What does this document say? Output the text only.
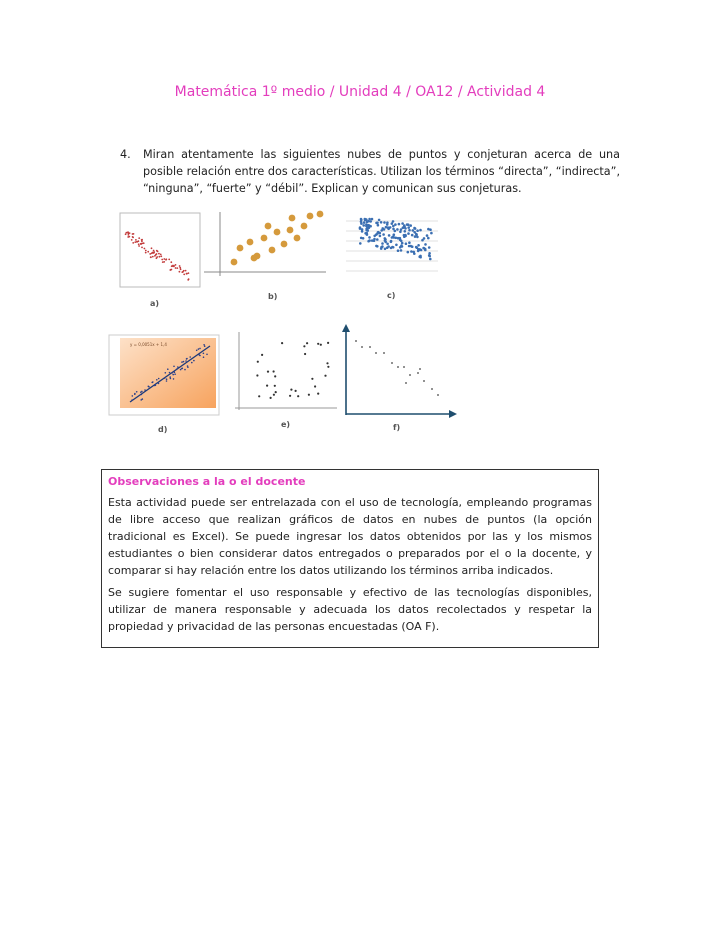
Matemática 1º medio / Unidad 4 / OA12 / Actividad 4
4. Miran atentamente las siguientes nubes de puntos y conjeturan acerca de una posible relación entre dos características. Utilizan los términos “directa”, “indirecta”, “ninguna”, “fuerte” y “débil”. Explican y comunican sus conjeturas.
a)
b)	c)
y = 0,0051x + 1,4
d)
e)	f)
Observaciones a la o el docente

Esta actividad puede ser entrelazada con el uso de tecnología, empleando programas de libre acceso que realizan gráficos de datos en nubes de puntos (la opción tradicional es Excel). Se puede ingresar los datos obtenidos por las y los mismos estudiantes o bien considerar datos entregados o preparados por el o la docente, y comparar si hay relación entre los datos utilizando los términos arriba indicados.

Se sugiere fomentar el uso responsable y efectivo de las tecnologías disponibles, utilizar de manera responsable y adecuada los datos recolectados y respetar la propiedad y privacidad de las personas encuestadas (OA F).
